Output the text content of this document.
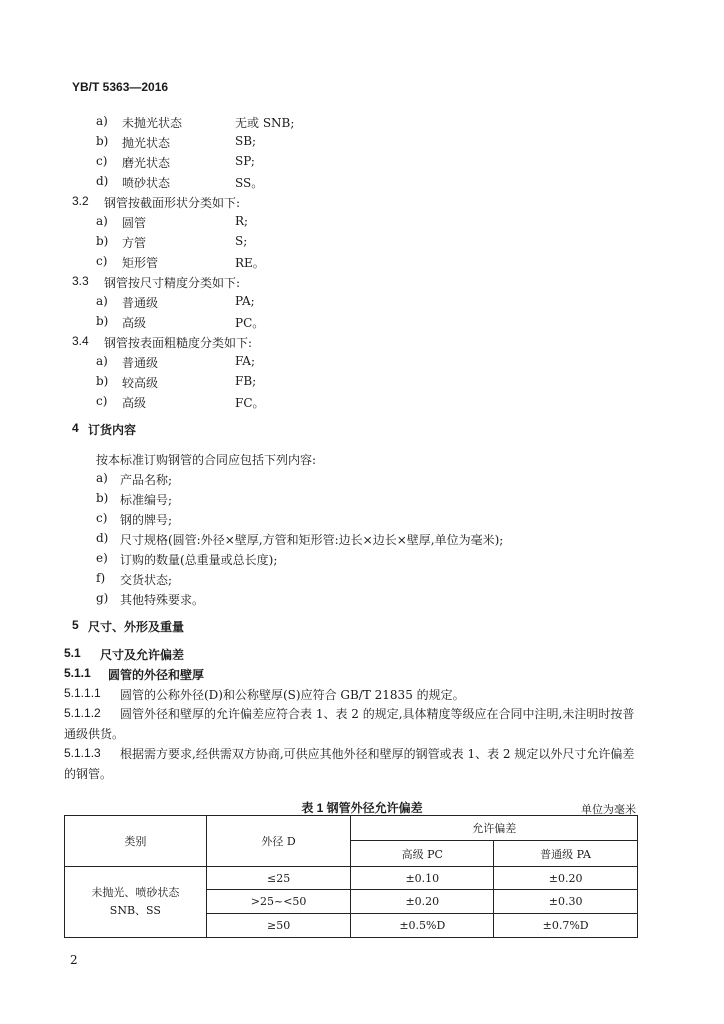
YB/T 5363—2016
a) 未抛光状态	无或 SNB;
b) 抛光状态	SB;
c) 磨光状态	SP;
d) 喷砂状态	SS。
3.2 钢管按截面形状分类如下:
a) 圆管	R;
b) 方管	S;
c) 矩形管	RE。
3.3 钢管按尺寸精度分类如下:
a) 普通级	PA;
b) 高级	PC。
3.4 钢管按表面粗糙度分类如下:
a) 普通级	FA;
b) 较高级	FB;
c) 高级	FC。
4 订货内容
按本标准订购钢管的合同应包括下列内容:
a) 产品名称;
b) 标准编号;
c) 钢的牌号;
d) 尺寸规格(圆管:外径×壁厚,方管和矩形管:边长×边长×壁厚,单位为毫米);
e) 订购的数量(总重量或总长度);
f) 交货状态;
g) 其他特殊要求。
5 尺寸、外形及重量
5.1 尺寸及允许偏差
5.1.1 圆管的外径和壁厚
5.1.1.1 圆管的公称外径(D)和公称壁厚(S)应符合 GB/T 21835 的规定。
5.1.1.2	圆管外径和壁厚的允许偏差应符合表 1、表 2 的规定,具体精度等级应在合同中注明,未注明时按普通级供货。
5.1.1.3	根据需方要求,经供需双方协商,可供应其他外径和壁厚的钢管或表 1、表 2 规定以外尺寸允许偏差的钢管。
表 1 钢管外径允许偏差	单位为毫米
类别	外径 D	允许偏差	
		高级 PC	普通级 PA
未抛光、喷砂状态
SNB、SS	≤25	±0.10	±0.20
	>25~<50	±0.20	±0.30
	≥50	±0.5%D	±0.7%D
2
